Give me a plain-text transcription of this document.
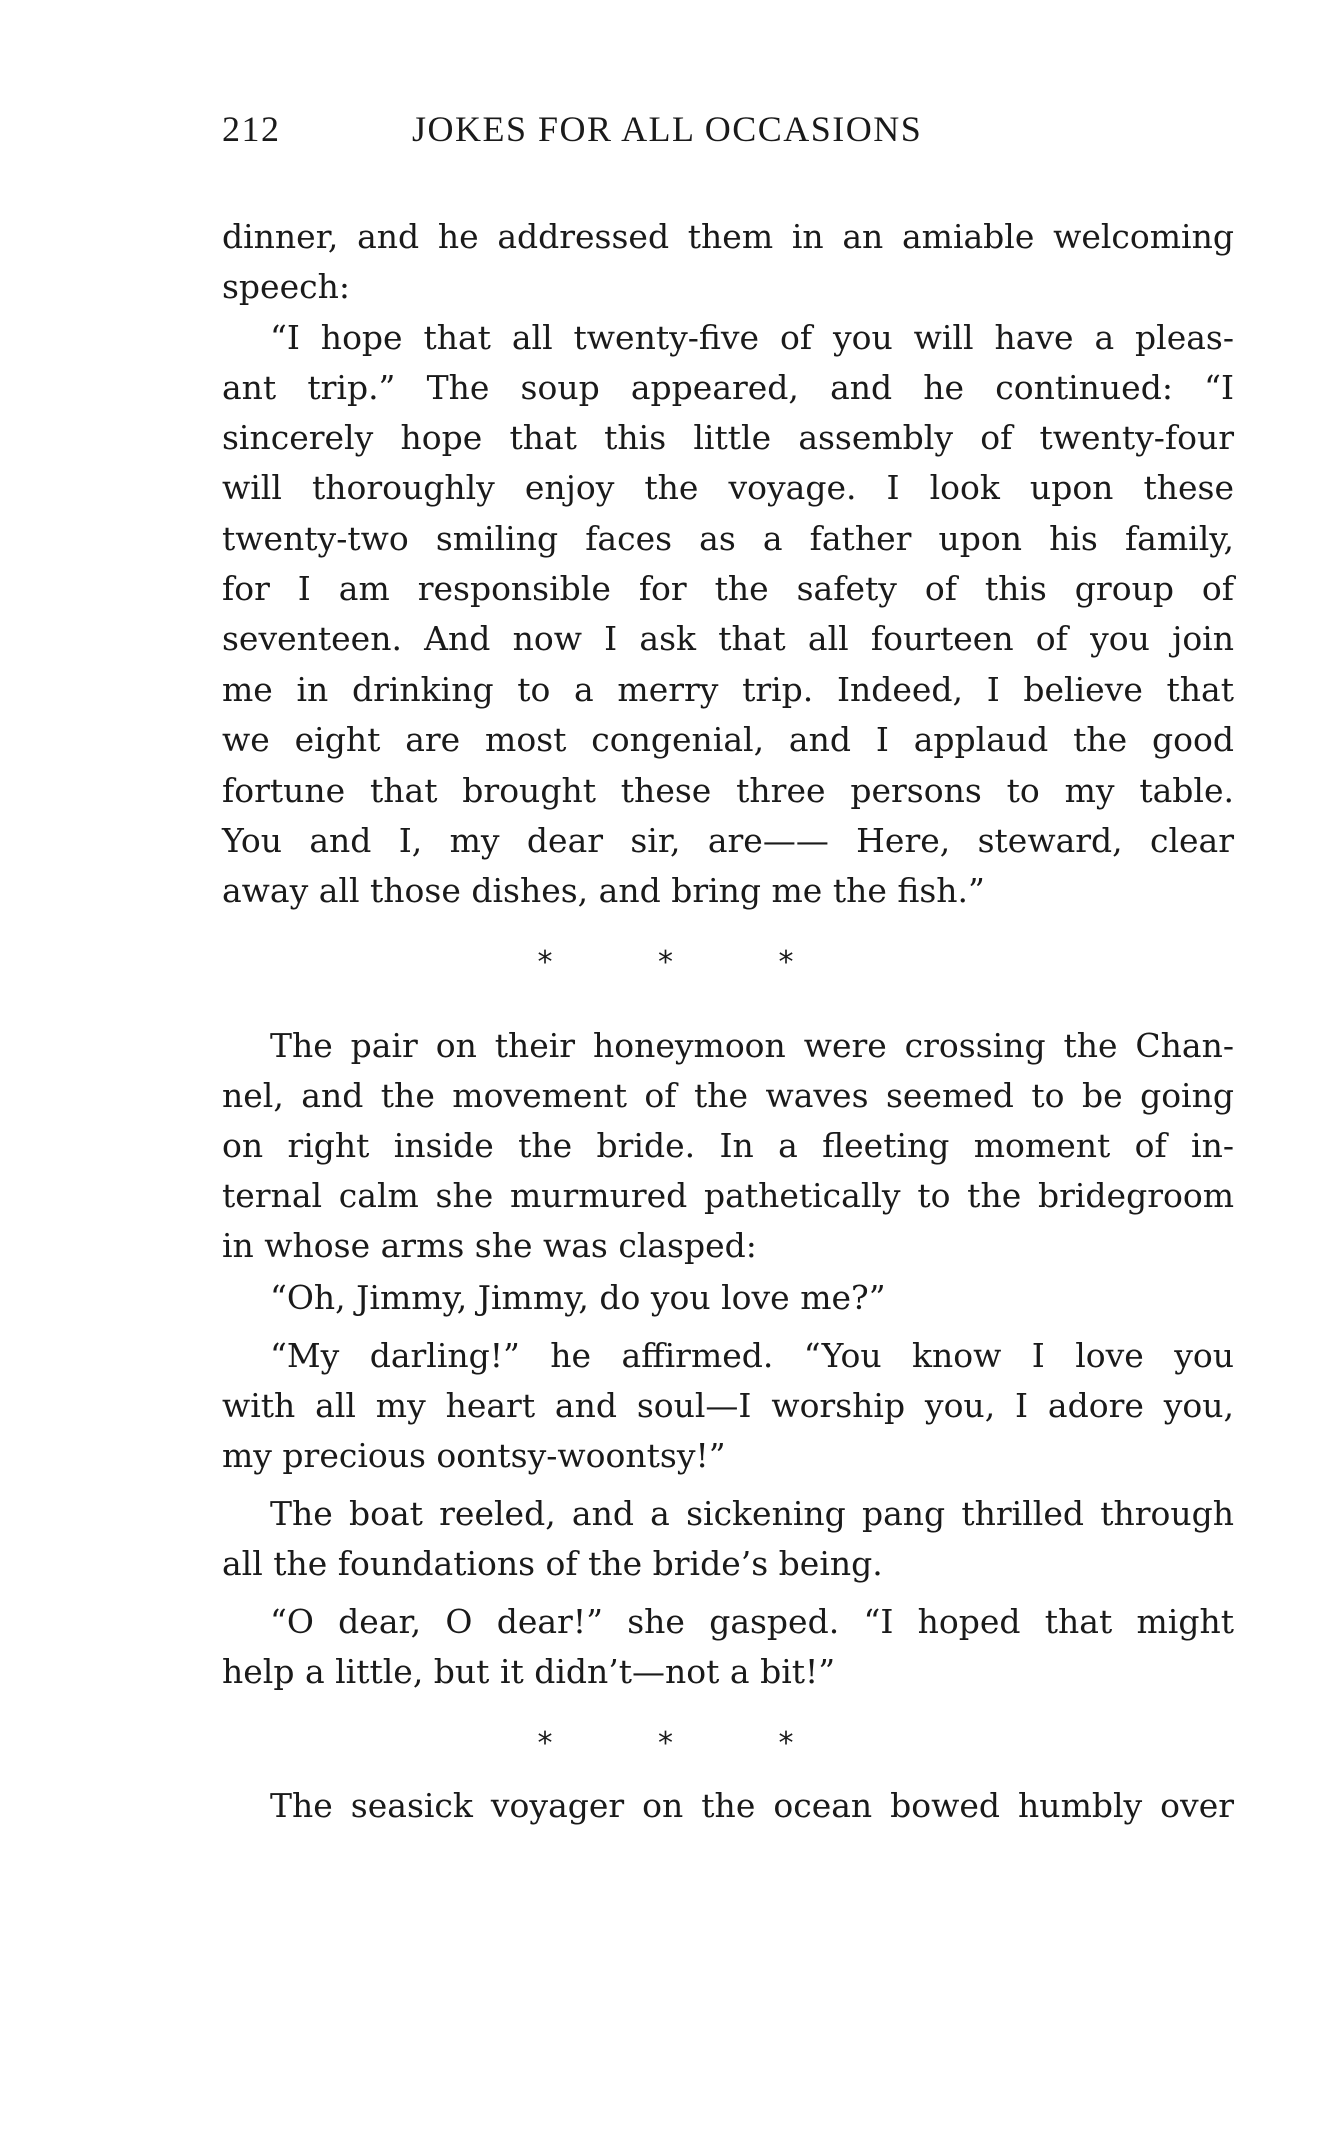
212	JOKES FOR ALL OCCASIONS
dinner, and he addressed them in an amiable welcoming
speech:
“I hope that all twenty-five of you will have a pleas-
ant trip.” The soup appeared, and he continued: “I
sincerely hope that this little assembly of twenty-four
will thoroughly enjoy the voyage. I look upon these
twenty-two smiling faces as a father upon his family,
for I am responsible for the safety of this group of
seventeen. And now I ask that all fourteen of you join
me in drinking to a merry trip. Indeed, I believe that
we eight are most congenial, and I applaud the good
fortune that brought these three persons to my table.
You and I, my dear sir, are—— Here, steward, clear
away all those dishes, and bring me the fish.”
* * *
The pair on their honeymoon were crossing the Chan-
nel, and the movement of the waves seemed to be going
on right inside the bride. In a fleeting moment of in-
ternal calm she murmured pathetically to the bridegroom
in whose arms she was clasped:
“Oh, Jimmy, Jimmy, do you love me?”
“My darling!” he affirmed. “You know I love you
with all my heart and soul—I worship you, I adore you,
my precious oontsy-woontsy!”
The boat reeled, and a sickening pang thrilled through
all the foundations of the bride’s being.
“O dear, O dear!” she gasped. “I hoped that might
help a little, but it didn’t—not a bit!”
* * *
The seasick voyager on the ocean bowed humbly over
